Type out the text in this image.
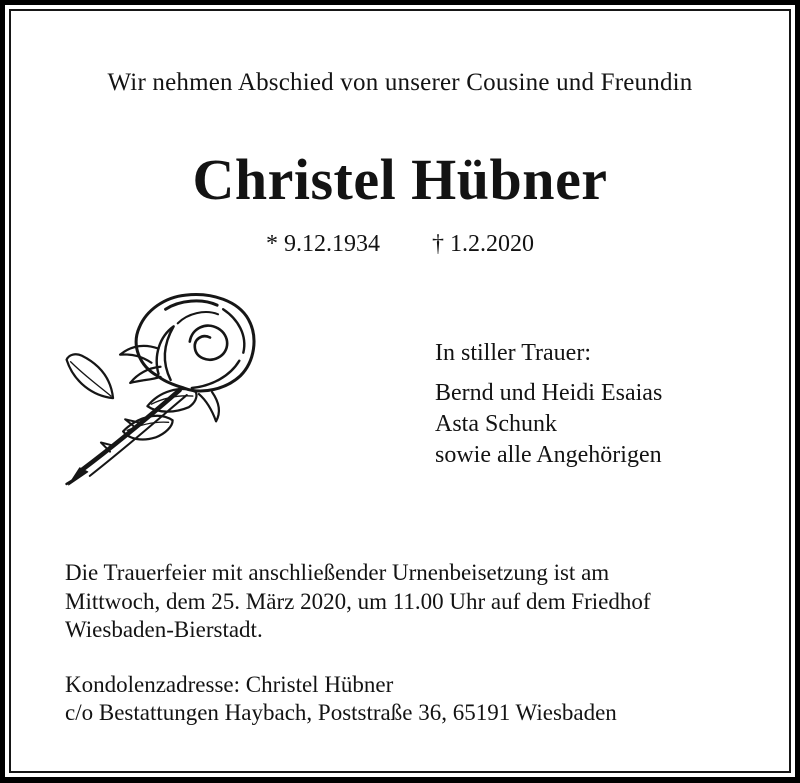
Wir nehmen Abschied von unserer Cousine und Freundin
Christel Hübner
* 9.12.1934 † 1.2.2020
In stiller Trauer:
Bernd und Heidi Esaias
Asta Schunk
sowie alle Angehörigen
Die Trauerfeier mit anschließender Urnenbeisetzung ist am
Mittwoch, dem 25. März 2020, um 11.00 Uhr auf dem Friedhof
Wiesbaden-Bierstadt.
Kondolenzadresse: Christel Hübner
c/o Bestattungen Haybach, Poststraße 36, 65191 Wiesbaden
